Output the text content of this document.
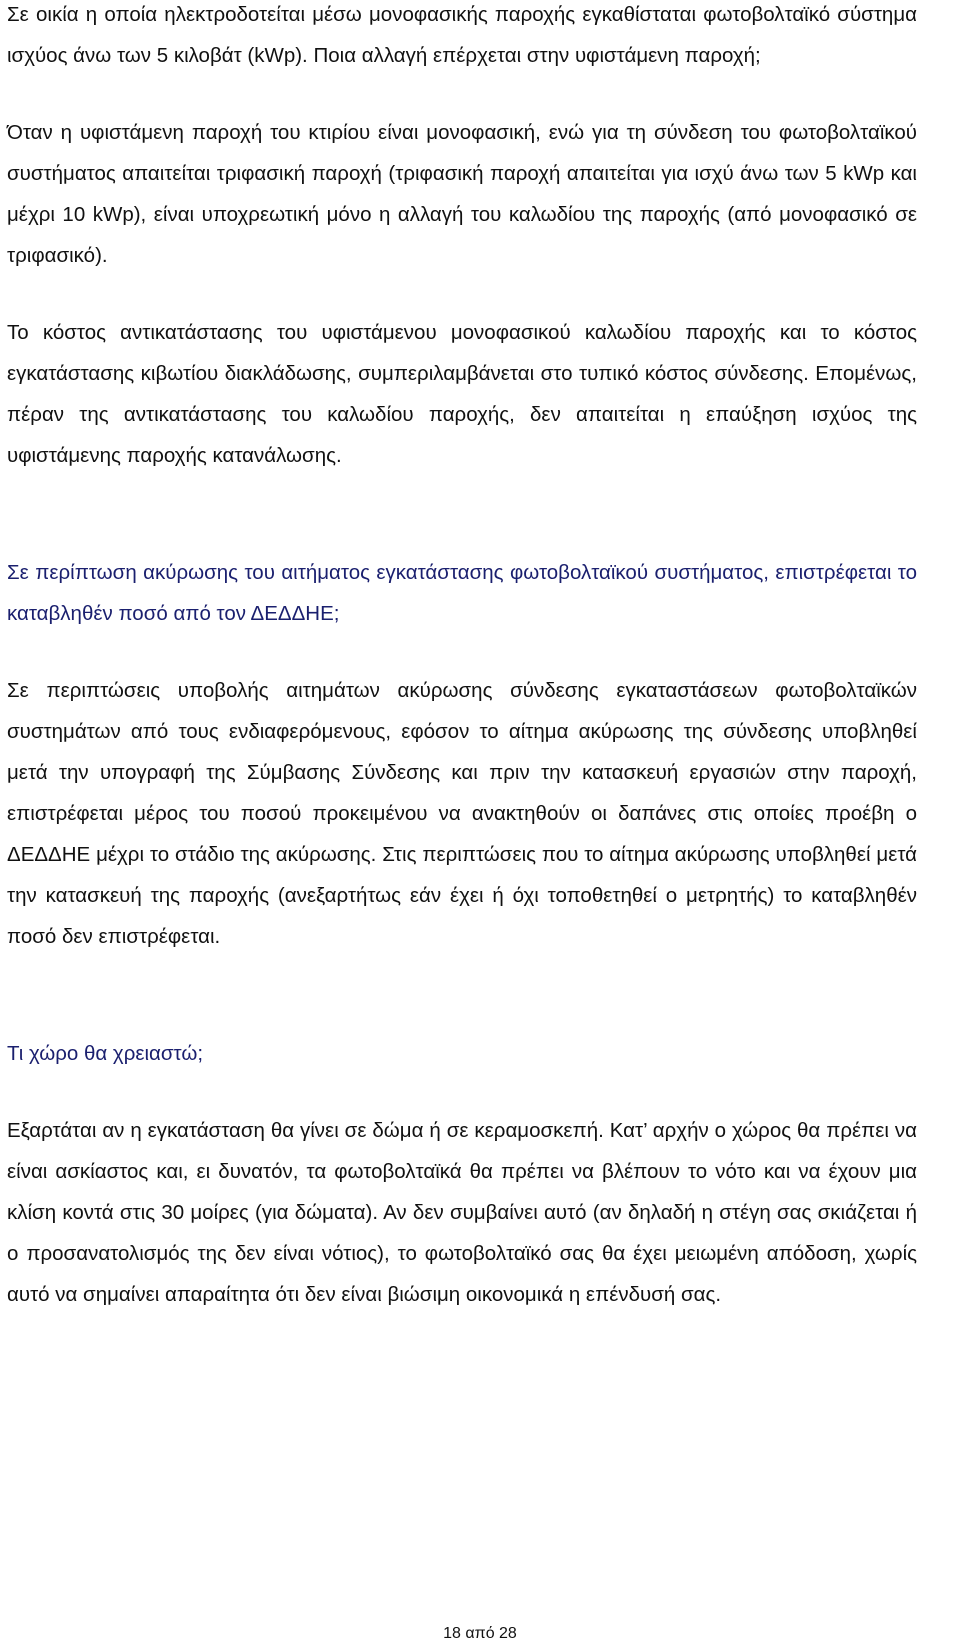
Σε οικία η οποία ηλεκτροδοτείται μέσω μονοφασικής παροχής εγκαθίσταται φωτοβολταϊκό σύστημα ισχύος άνω των 5 κιλοβάτ (kWp). Ποια αλλαγή επέρχεται στην υφιστάμενη παροχή;

Όταν η υφιστάμενη παροχή του κτιρίου είναι μονοφασική, ενώ για τη σύνδεση του φωτοβολταϊκού συστήματος απαιτείται τριφασική παροχή (τριφασική παροχή απαιτείται για ισχύ άνω των 5 kWp και μέχρι 10 kWp), είναι υποχρεωτική μόνο η αλλαγή του καλωδίου της παροχής (από μονοφασικό σε τριφασικό).

Το κόστος αντικατάστασης του υφιστάμενου μονοφασικού καλωδίου παροχής και το κόστος εγκατάστασης κιβωτίου διακλάδωσης, συμπεριλαμβάνεται στο τυπικό κόστος σύνδεσης. Επομένως, πέραν της αντικατάστασης του καλωδίου παροχής, δεν απαιτείται η επαύξηση ισχύος της υφιστάμενης παροχής κατανάλωσης.

Σε περίπτωση ακύρωσης του αιτήματος εγκατάστασης φωτοβολταϊκού συστήματος, επιστρέφεται το καταβληθέν ποσό από τον ΔΕΔΔΗΕ;

Σε περιπτώσεις υποβολής αιτημάτων ακύρωσης σύνδεσης εγκαταστάσεων φωτοβολταϊκών συστημάτων από τους ενδιαφερόμενους, εφόσον το αίτημα ακύρωσης της σύνδεσης υποβληθεί μετά την υπογραφή της Σύμβασης Σύνδεσης και πριν την κατασκευή εργασιών στην παροχή, επιστρέφεται μέρος του ποσού προκειμένου να ανακτηθούν οι δαπάνες στις οποίες προέβη ο ΔΕΔΔΗΕ μέχρι το στάδιο της ακύρωσης. Στις περιπτώσεις που το αίτημα ακύρωσης υποβληθεί μετά την κατασκευή της παροχής (ανεξαρτήτως εάν έχει ή όχι τοποθετηθεί ο μετρητής) το καταβληθέν ποσό δεν επιστρέφεται.

Τι χώρο θα χρειαστώ;

Εξαρτάται αν η εγκατάσταση θα γίνει σε δώμα ή σε κεραμοσκεπή. Κατ’ αρχήν ο χώρος θα πρέπει να είναι ασκίαστος και, ει δυνατόν, τα φωτοβολταϊκά θα πρέπει να βλέπουν το νότο και να έχουν μια κλίση κοντά στις 30 μοίρες (για δώματα). Αν δεν συμβαίνει αυτό (αν δηλαδή η στέγη σας σκιάζεται ή ο προσανατολισμός της δεν είναι νότιος), το φωτοβολταϊκό σας θα έχει μειωμένη απόδοση, χωρίς αυτό να σημαίνει απαραίτητα ότι δεν είναι βιώσιμη οικονομικά η επένδυσή σας.

18 από 28
